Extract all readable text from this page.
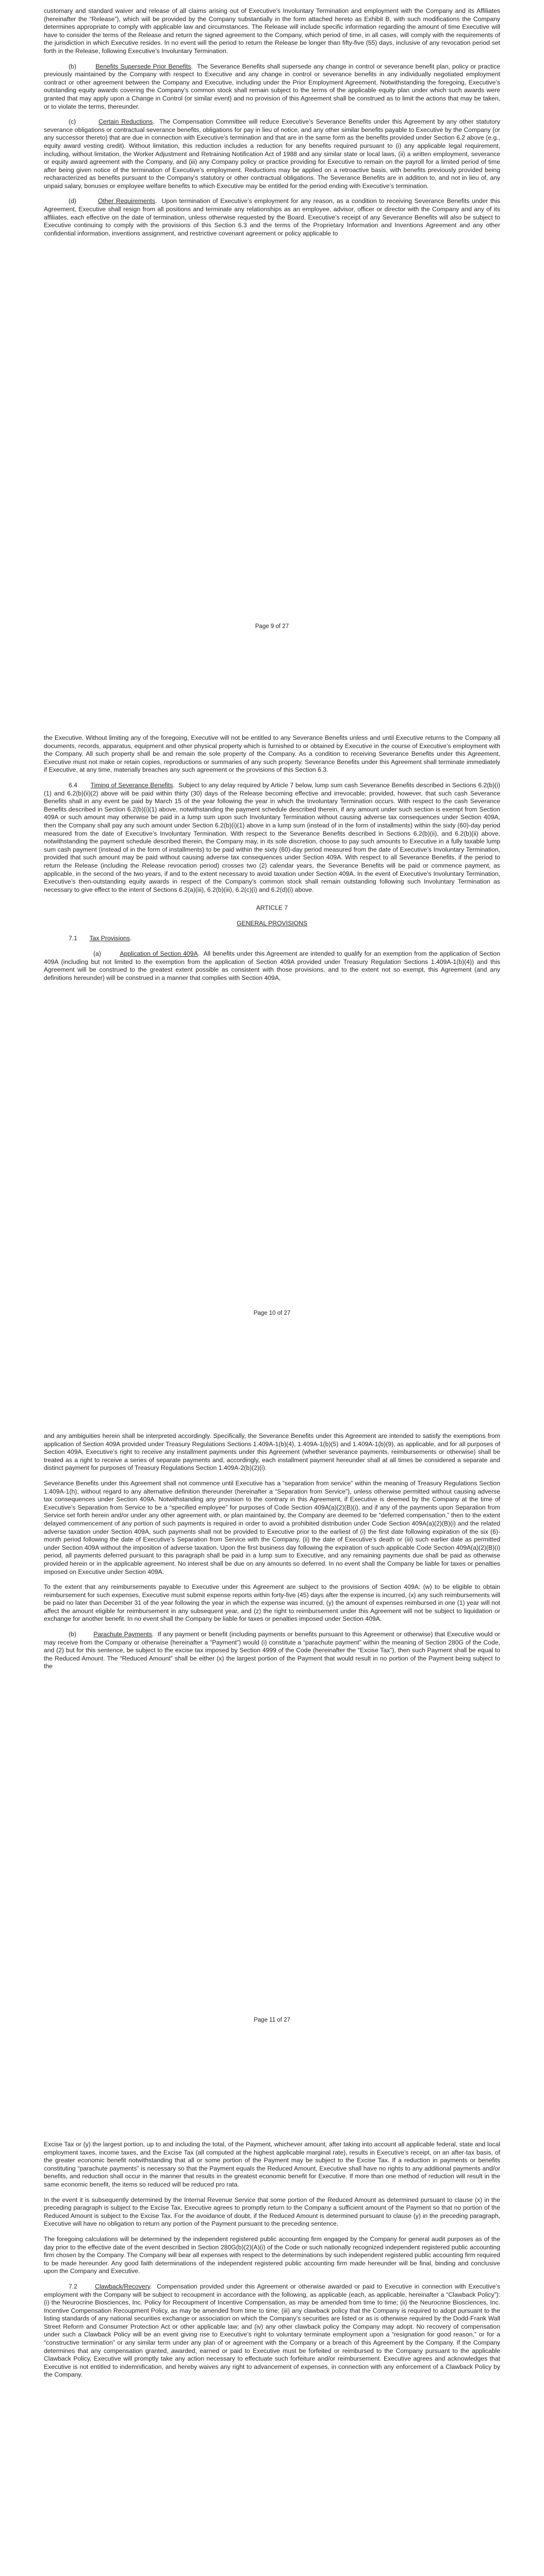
customary and standard waiver and release of all claims arising out of Executive’s Involuntary Termination and employment with the Company and its Affiliates (hereinafter the “Release”), which will be provided by the Company substantially in the form attached hereto as Exhibit B, with such modifications the Company determines appropriate to comply with applicable law and circumstances. The Release will include specific information regarding the amount of time Executive will have to consider the terms of the Release and return the signed agreement to the Company, which period of time, in all cases, will comply with the requirements of the jurisdiction in which Executive resides. In no event will the period to return the Release be longer than fifty-five (55) days, inclusive of any revocation period set forth in the Release, following Executive’s Involuntary Termination.

(b)	Benefits Supersede Prior Benefits.  The Severance Benefits shall supersede any change in control or severance benefit plan, policy or practice previously maintained by the Company with respect to Executive and any change in control or severance benefits in any individually negotiated employment contract or other agreement between the Company and Executive, including under the Prior Employment Agreement. Notwithstanding the foregoing, Executive’s outstanding equity awards covering the Company’s common stock shall remain subject to the terms of the applicable equity plan under which such awards were granted that may apply upon a Change in Control (or similar event) and no provision of this Agreement shall be construed as to limit the actions that may be taken, or to violate the terms, thereunder.

(c)	Certain Reductions.  The Compensation Committee will reduce Executive’s Severance Benefits under this Agreement by any other statutory severance obligations or contractual severance benefits, obligations for pay in lieu of notice, and any other similar benefits payable to Executive by the Company (or any successor thereto) that are due in connection with Executive’s termination and that are in the same form as the benefits provided under Section 6.2 above (e.g., equity award vesting credit). Without limitation, this reduction includes a reduction for any benefits required pursuant to (i) any applicable legal requirement, including, without limitation, the Worker Adjustment and Retraining Notification Act of 1988 and any similar state or local laws, (ii) a written employment, severance or equity award agreement with the Company, and (iii) any Company policy or practice providing for Executive to remain on the payroll for a limited period of time after being given notice of the termination of Executive’s employment. Reductions may be applied on a retroactive basis, with benefits previously provided being recharacterized as benefits pursuant to the Company’s statutory or other contractual obligations. The Severance Benefits are in addition to, and not in lieu of, any unpaid salary, bonuses or employee welfare benefits to which Executive may be entitled for the period ending with Executive’s termination.

(d)	Other Requirements.  Upon termination of Executive’s employment for any reason, as a condition to receiving Severance Benefits under this Agreement, Executive shall resign from all positions and terminate any relationships as an employee, advisor, officer or director with the Company and any of its affiliates, each effective on the date of termination, unless otherwise requested by the Board. Executive’s receipt of any Severance Benefits will also be subject to Executive continuing to comply with the provisions of this Section 6.3 and the terms of the Proprietary Information and Inventions Agreement and any other confidential information, inventions assignment, and restrictive covenant agreement or policy applicable to

Page 9 of 27

the Executive. Without limiting any of the foregoing, Executive will not be entitled to any Severance Benefits unless and until Executive returns to the Company all documents, records, apparatus, equipment and other physical property which is furnished to or obtained by Executive in the course of Executive’s employment with the Company. All such property shall be and remain the sole property of the Company. As a condition to receiving Severance Benefits under this Agreement, Executive must not make or retain copies, reproductions or summaries of any such property. Severance Benefits under this Agreement shall terminate immediately if Executive, at any time, materially breaches any such agreement or the provisions of this Section 6.3.

6.4 Timing of Severance Benefits.  Subject to any delay required by Article 7 below, lump sum cash Severance Benefits described in Sections 6.2(b)(i)(1) and 6.2(b)(ii)(2) above will be paid within thirty (30) days of the Release becoming effective and irrevocable; provided, however, that such cash Severance Benefits shall in any event be paid by March 15 of the year following the year in which the Involuntary Termination occurs. With respect to the cash Severance Benefits described in Section 6.2(b)(i)(1) above, notwithstanding the payment schedule described therein, if any amount under such section is exempt from Section 409A or such amount may otherwise be paid in a lump sum upon such Involuntary Termination without causing adverse tax consequences under Section 409A, then the Company shall pay any such amount under Section 6.2(b)(i)(1) above in a lump sum (instead of in the form of installments) within the sixty (60)-day period measured from the date of Executive’s Involuntary Termination. With respect to the Severance Benefits described in Sections 6.2(b)(ii), and 6.2(b)(ii) above, notwithstanding the payment schedule described therein, the Company may, in its sole discretion, choose to pay such amounts to Executive in a fully taxable lump sum cash payment (instead of in the form of installments) to be paid within the sixty (60)-day period measured from the date of Executive’s Involuntary Termination, provided that such amount may be paid without causing adverse tax consequences under Section 409A. With respect to all Severance Benefits, if the period to return the Release (including the Release revocation period) crosses two (2) calendar years, the Severance Benefits will be paid or commence payment, as applicable, in the second of the two years, if and to the extent necessary to avoid taxation under Section 409A. In the event of Executive’s Involuntary Termination, Executive’s then-outstanding equity awards in respect of the Company’s common stock shall remain outstanding following such Involuntary Termination as necessary to give effect to the intent of Sections 6.2(a)(iii), 6.2(b)(iii), 6.2(c)(i) and 6.2(d)(i) above.

ARTICLE 7

GENERAL PROVISIONS

7.1 Tax Provisions.

(a)	Application of Section 409A.  All benefits under this Agreement are intended to qualify for an exemption from the application of Section 409A (including but not limited to the exemption from the application of Section 409A provided under Treasury Regulation Sections 1.409A-1(b)(4)) and this Agreement will be construed to the greatest extent possible as consistent with those provisions, and to the extent not so exempt, this Agreement (and any definitions hereunder) will be construed in a manner that complies with Section 409A,

Page 10 of 27

and any ambiguities herein shall be interpreted accordingly. Specifically, the Severance Benefits under this Agreement are intended to satisfy the exemptions from application of Section 409A provided under Treasury Regulations Sections 1.409A-1(b)(4), 1.409A-1(b)(5) and 1.409A-1(b)(9), as applicable, and for all purposes of Section 409A, Executive’s right to receive any installment payments under this Agreement (whether severance payments, reimbursements or otherwise) shall be treated as a right to receive a series of separate payments and, accordingly, each installment payment hereunder shall at all times be considered a separate and distinct payment for purposes of Treasury Regulations Section 1.409A-2(b)(2)(i).

Severance Benefits under this Agreement shall not commence until Executive has a “separation from service” within the meaning of Treasury Regulations Section 1.409A-1(h), without regard to any alternative definition thereunder (hereinafter a “Separation from Service”), unless otherwise permitted without causing adverse tax consequences under Section 409A. Notwithstanding any provision to the contrary in this Agreement, if Executive is deemed by the Company at the time of Executive’s Separation from Service to be a “specified employee” for purposes of Code Section 409A(a)(2)(B)(i), and if any of the payments upon Separation from Service set forth herein and/or under any other agreement with, or plan maintained by, the Company are deemed to be “deferred compensation,” then to the extent delayed commencement of any portion of such payments is required in order to avoid a prohibited distribution under Code Section 409A(a)(2)(B)(i) and the related adverse taxation under Section 409A, such payments shall not be provided to Executive prior to the earliest of (i) the first date following expiration of the six (6)-month period following the date of Executive’s Separation from Service with the Company, (ii) the date of Executive’s death or (iii) such earlier date as permitted under Section 409A without the imposition of adverse taxation. Upon the first business day following the expiration of such applicable Code Section 409A(a)(2)(B)(i) period, all payments deferred pursuant to this paragraph shall be paid in a lump sum to Executive, and any remaining payments due shall be paid as otherwise provided herein or in the applicable agreement. No interest shall be due on any amounts so deferred. In no event shall the Company be liable for taxes or penalties imposed on Executive under Section 409A.

To the extent that any reimbursements payable to Executive under this Agreement are subject to the provisions of Section 409A: (w) to be eligible to obtain reimbursement for such expenses, Executive must submit expense reports within forty-five (45) days after the expense is incurred, (x) any such reimbursements will be paid no later than December 31 of the year following the year in which the expense was incurred, (y) the amount of expenses reimbursed in one (1) year will not affect the amount eligible for reimbursement in any subsequent year, and (z) the right to reimbursement under this Agreement will not be subject to liquidation or exchange for another benefit. In no event shall the Company be liable for taxes or penalties imposed under Section 409A.

(b)	Parachute Payments.  If any payment or benefit (including payments or benefits pursuant to this Agreement or otherwise) that Executive would or may receive from the Company or otherwise (hereinafter a “Payment”) would (i) constitute a “parachute payment” within the meaning of Section 280G of the Code, and (2) but for this sentence, be subject to the excise tax imposed by Section 4999 of the Code (hereinafter the “Excise Tax”), then such Payment shall be equal to the Reduced Amount. The “Reduced Amount” shall be either (x) the largest portion of the Payment that would result in no portion of the Payment being subject to the

Page 11 of 27

Excise Tax or (y) the largest portion, up to and including the total, of the Payment, whichever amount, after taking into account all applicable federal, state and local employment taxes, income taxes, and the Excise Tax (all computed at the highest applicable marginal rate), results in Executive’s receipt, on an after-tax basis, of the greater economic benefit notwithstanding that all or some portion of the Payment may be subject to the Excise Tax. If a reduction in payments or benefits constituting “parachute payments” is necessary so that the Payment equals the Reduced Amount, Executive shall have no rights to any additional payments and/or benefits, and reduction shall occur in the manner that results in the greatest economic benefit for Executive. If more than one method of reduction will result in the same economic benefit, the items so reduced will be reduced pro rata.

In the event it is subsequently determined by the Internal Revenue Service that some portion of the Reduced Amount as determined pursuant to clause (x) in the preceding paragraph is subject to the Excise Tax, Executive agrees to promptly return to the Company a sufficient amount of the Payment so that no portion of the Reduced Amount is subject to the Excise Tax. For the avoidance of doubt, if the Reduced Amount is determined pursuant to clause (y) in the preceding paragraph, Executive will have no obligation to return any portion of the Payment pursuant to the preceding sentence.

The foregoing calculations will be determined by the independent registered public accounting firm engaged by the Company for general audit purposes as of the day prior to the effective date of the event described in Section 280G(b)(2)(A)(i) of the Code or such nationally recognized independent registered public accounting firm chosen by the Company. The Company will bear all expenses with respect to the determinations by such independent registered public accounting firm required to be made hereunder. Any good faith determinations of the independent registered public accounting firm made hereunder will be final, binding and conclusive upon the Company and Executive.

7.2	Clawback/Recovery.  Compensation provided under this Agreement or otherwise awarded or paid to Executive in connection with Executive’s employment with the Company will be subject to recoupment in accordance with the following, as applicable (each, as applicable, hereinafter a “Clawback Policy”): (i) the Neurocrine Biosciences, Inc. Policy for Recoupment of Incentive Compensation, as may be amended from time to time; (ii) the Neurocrine Biosciences, Inc. Incentive Compensation Recoupment Policy, as may be amended from time to time; (iii) any clawback policy that the Company is required to adopt pursuant to the listing standards of any national securities exchange or association on which the Company’s securities are listed or as is otherwise required by the Dodd-Frank Wall Street Reform and Consumer Protection Act or other applicable law; and (iv) any other clawback policy the Company may adopt. No recovery of compensation under such a Clawback Policy will be an event giving rise to Executive’s right to voluntary terminate employment upon a “resignation for good reason,” or for a “constructive termination” or any similar term under any plan of or agreement with the Company or a breach of this Agreement by the Company. If the Company determines that any compensation granted, awarded, earned or paid to Executive must be forfeited or reimbursed to the Company pursuant to the applicable Clawback Policy, Executive will promptly take any action necessary to effectuate such forfeiture and/or reimbursement. Executive agrees and acknowledges that Executive is not entitled to indemnification, and hereby waives any right to advancement of expenses, in connection with any enforcement of a Clawback Policy by the Company.
